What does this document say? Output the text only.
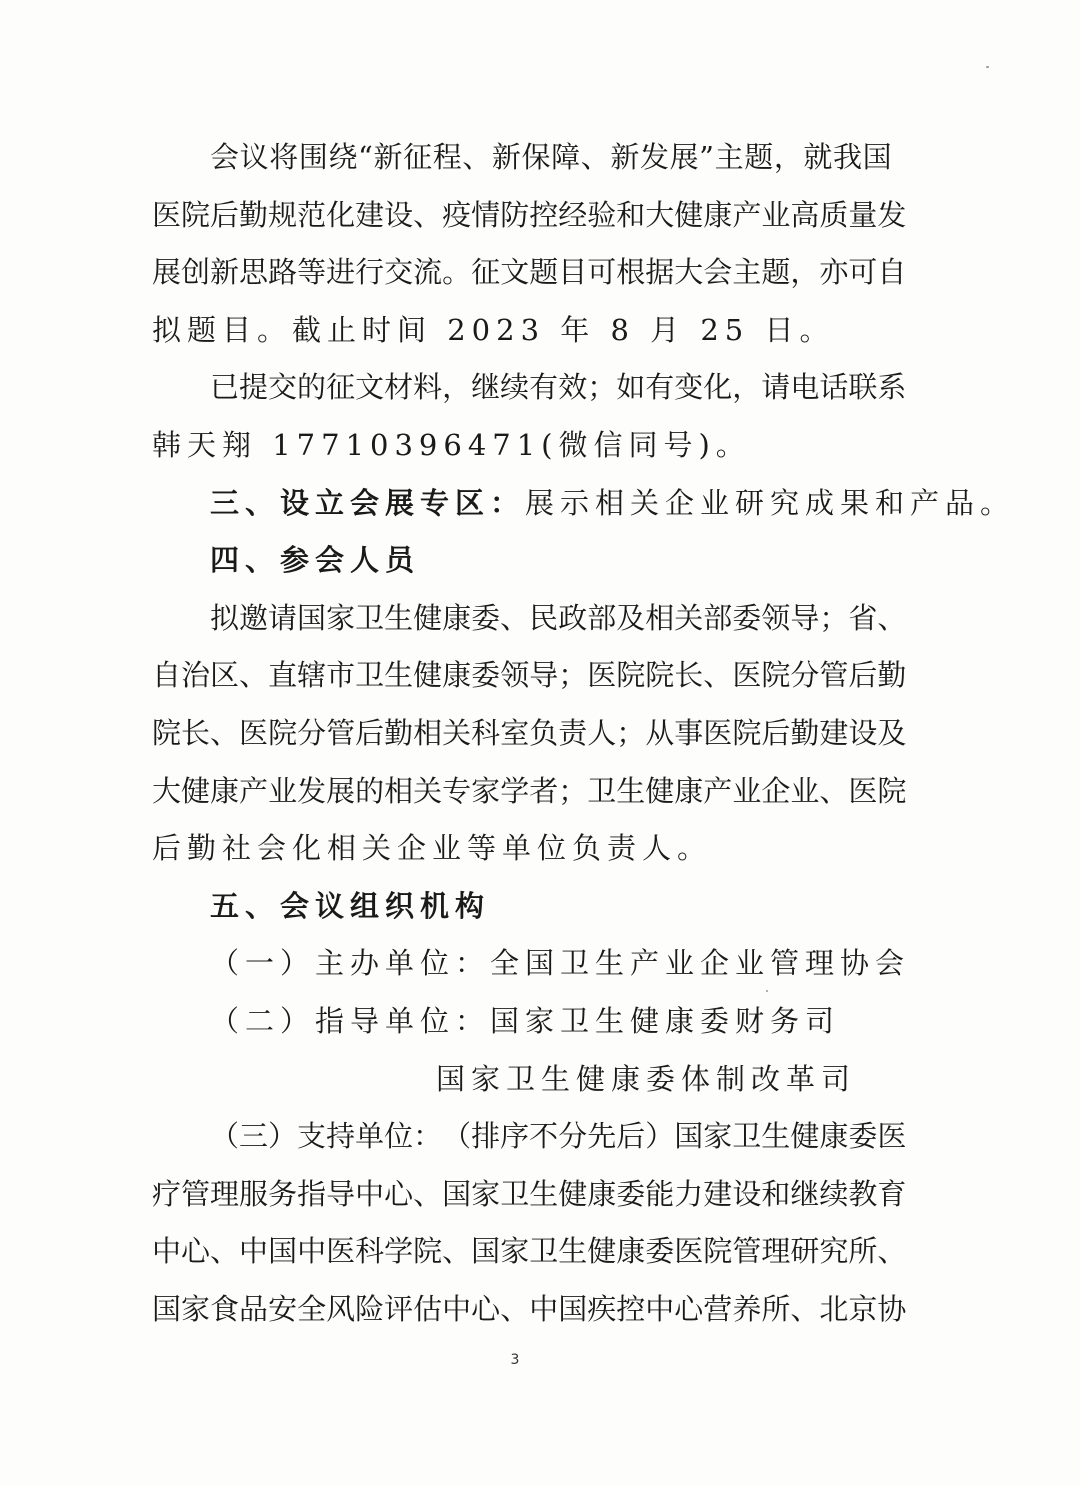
会 议 将 围 绕 “ 新 征 程 、 新 保 障 、 新 发 展 ” 主 题 ， 就 我 国
医 院 后 勤 规 范 化 建 设 、 疫 情 防 控 经 验 和 大 健 康 产 业 高 质 量 发
展 创 新 思 路 等 进 行 交 流 。 征 文 题 目 可 根 据 大 会 主 题 ， 亦 可 自
拟题目。截止时间 2023 年 8 月 25 日。
已 提 交 的 征 文 材 料 ， 继 续 有 效 ； 如 有 变 化 ， 请 电 话 联 系
韩天翔 17710396471(微信同号)。
三、设立会展专区： 展示相关企业研究成果和产品。
四、参会人员
拟 邀 请 国 家 卫 生 健 康 委 、 民 政 部 及 相 关 部 委 领 导 ； 省 、
自 治 区 、 直 辖 市 卫 生 健 康 委 领 导 ； 医 院 院 长 、 医 院 分 管 后 勤
院 长 、 医 院 分 管 后 勤 相 关 科 室 负 责 人 ； 从 事 医 院 后 勤 建 设 及
大 健 康 产 业 发 展 的 相 关 专 家 学 者 ； 卫 生 健 康 产 业 企 业 、 医 院
后勤社会化相关企业等单位负责人。
五、会议组织机构
（一）主办单位：全国卫生产业企业管理协会
（二）指导单位：国家卫生健康委财务司
国家卫生健康委体制改革司
（ 三 ） 支 持 单 位 ： （ 排 序 不 分 先 后 ） 国 家 卫 生 健 康 委 医
疗 管 理 服 务 指 导 中 心 、 国 家 卫 生 健 康 委 能 力 建 设 和 继 续 教 育
中 心 、 中 国 中 医 科 学 院 、 国 家 卫 生 健 康 委 医 院 管 理 研 究 所 、
国 家 食 品 安 全 风 险 评 估 中 心 、 中 国 疾 控 中 心 营 养 所 、 北 京 协
3
